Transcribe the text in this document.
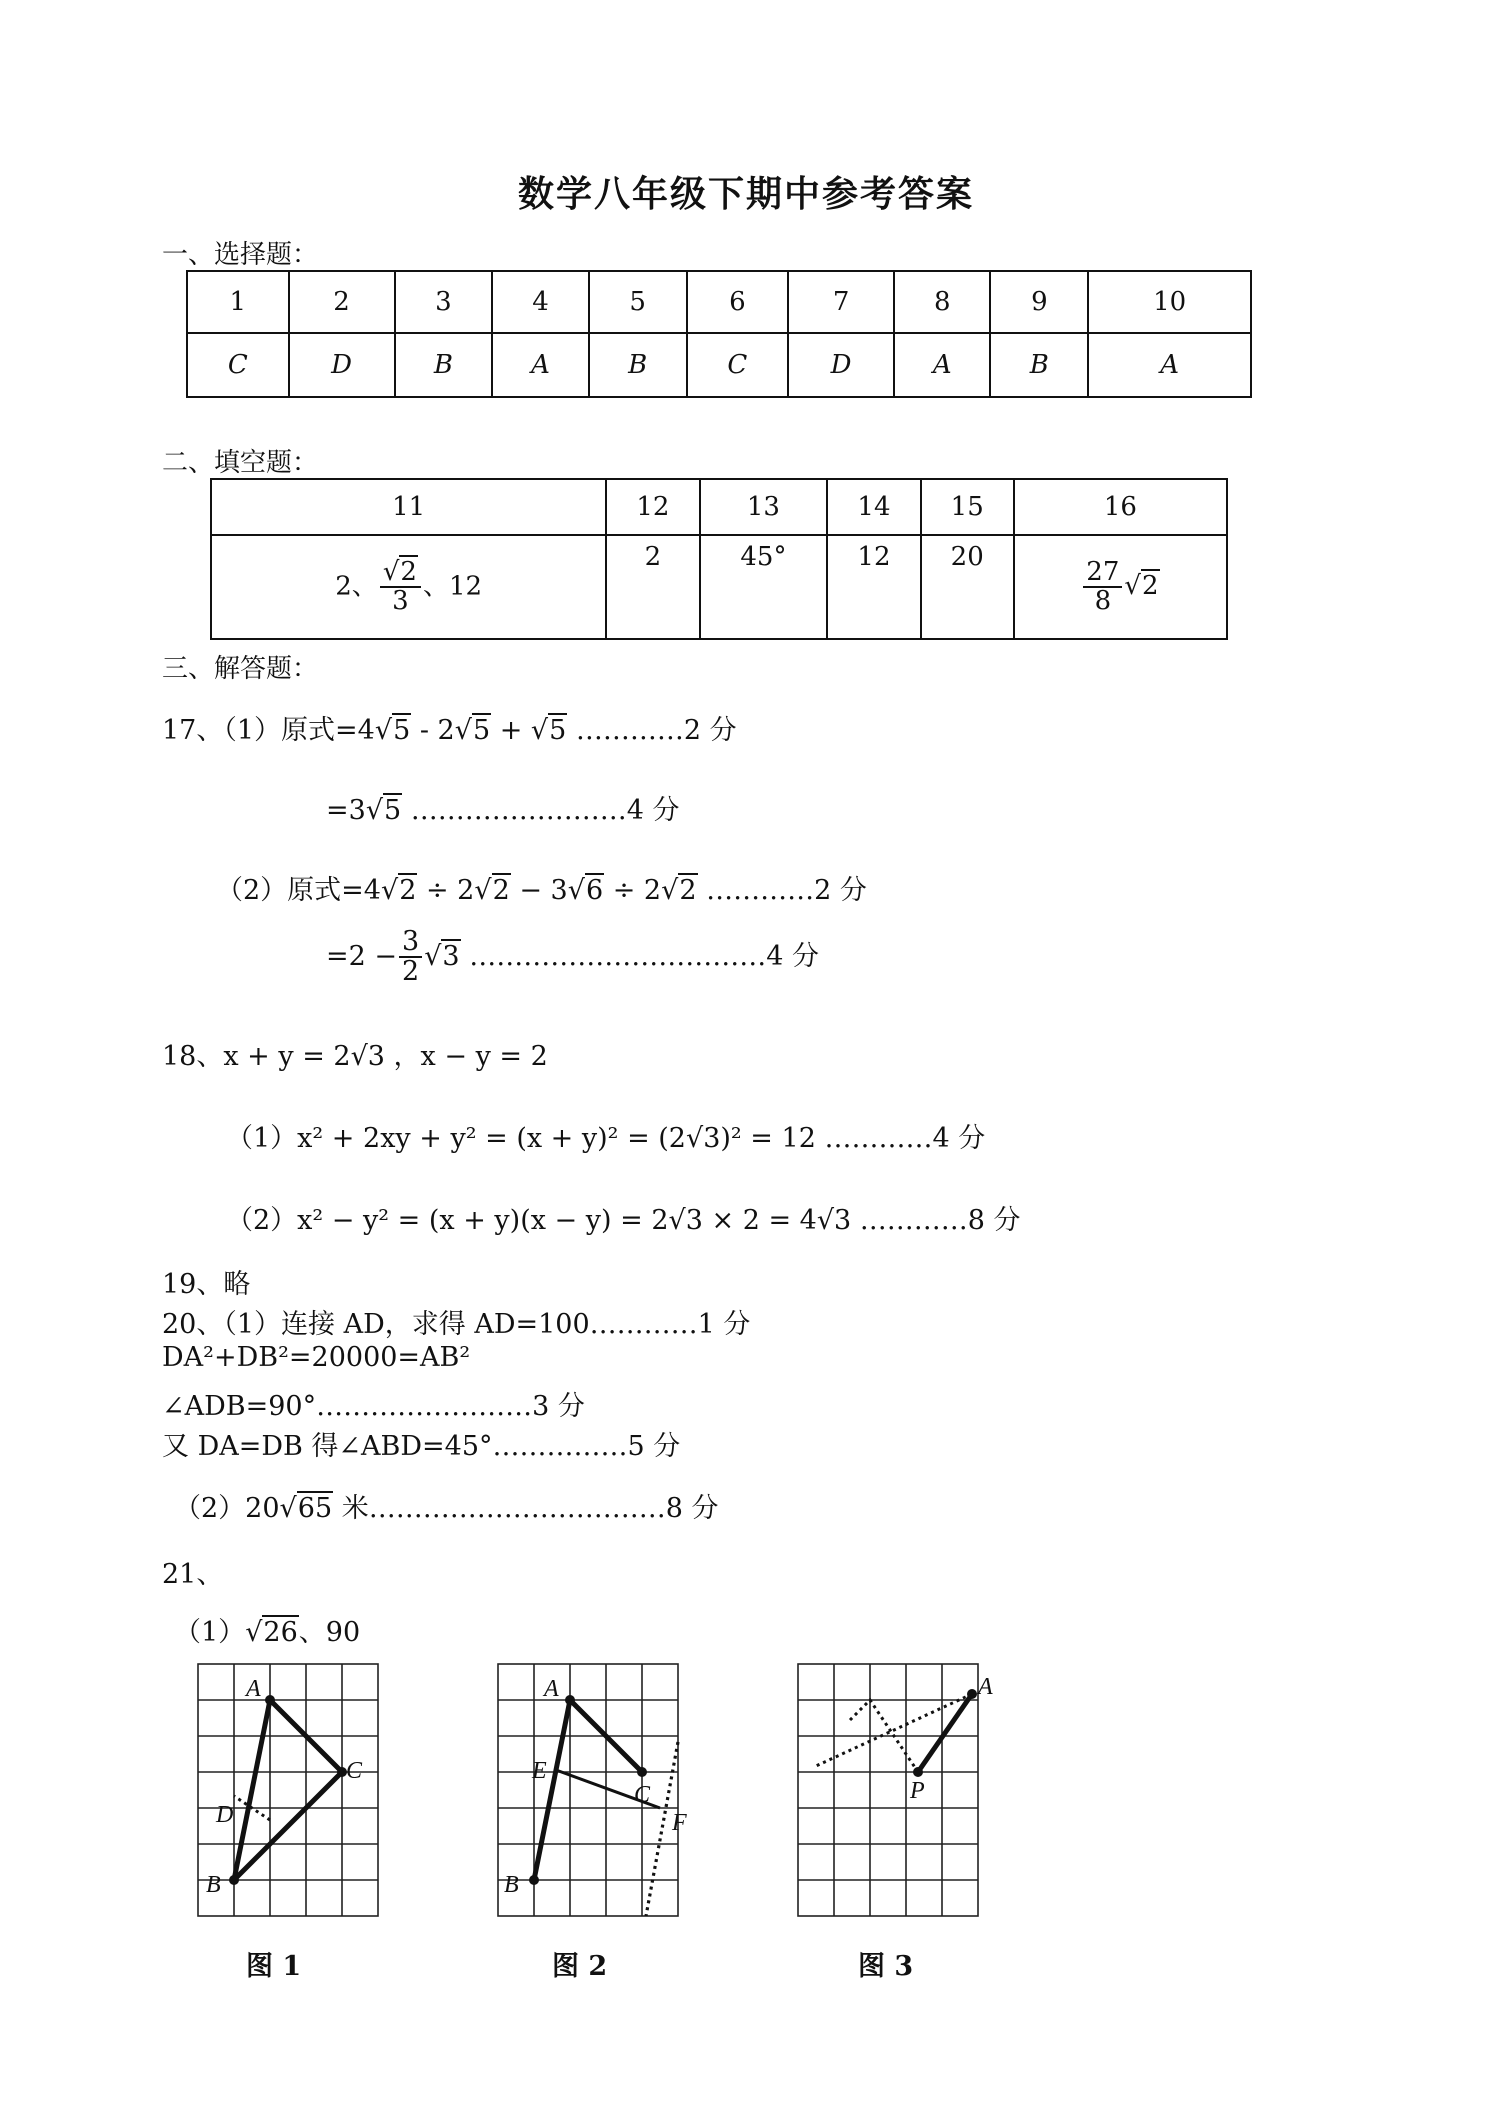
数学八年级下期中参考答案
一、选择题：
1	2	3	4	5	6	7	8	9	10
C	D	B	A	B	C	D	A	B	A
二、填空题：
11	12	13	14	15	16
2、 $\frac{√2}{3}$ 、12	2	45°	12	20	$\frac{27}{8} √2$
三、解答题：
17、（1）原式=4√5 - 2√5 + √5 …………2 分
=3√5 ……………………4 分
（2）原式=4√2 ÷ 2√2 − 3√6 ÷ 2√2 …………2 分
$=2 - \frac{3}{2} √3$ ……………………………4 分
18、x + y = 2√3 ，x − y = 2
（1）x² + 2xy + y² = (x + y)² = (2√3)² = 12 …………4 分
（2）x² − y² = (x + y)(x − y) = 2√3 × 2 = 4√3 …………8 分
19、略
20、（1）连接 AD，求得 AD=100…………1 分
DA²+DB²=20000=AB²
∠ADB=90°……………………3 分
又 DA=DB 得∠ABD=45°……………5 分
（2）20√65 米……………………………8 分
21、
（1）√26、90
A
C
D
B
图 1
A
E
C
F
B
图 2
A
P
图 3
